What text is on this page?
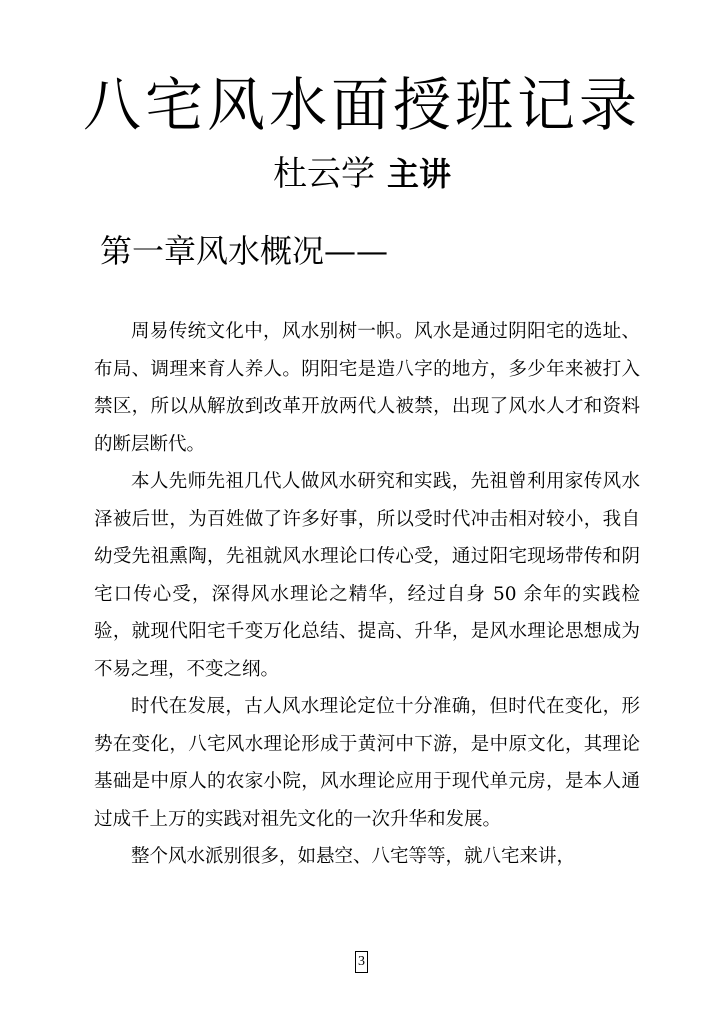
八宅风水面授班记录
杜云学 主讲
第一章风水概况——

周易传统文化中，风水别树一帜。风水是通过阴阳宅的选址、布局、调理来育人养人。阴阳宅是造八字的地方，多少年来被打入禁区，所以从解放到改革开放两代人被禁，出现了风水人才和资料的断层断代。

本人先师先祖几代人做风水研究和实践，先祖曾利用家传风水泽被后世，为百姓做了许多好事，所以受时代冲击相对较小，我自幼受先祖熏陶，先祖就风水理论口传心受，通过阳宅现场带传和阴宅口传心受，深得风水理论之精华，经过自身 50 余年的实践检验，就现代阳宅千变万化总结、提高、升华，是风水理论思想成为不易之理，不变之纲。

时代在发展，古人风水理论定位十分准确，但时代在变化，形势在变化，八宅风水理论形成于黄河中下游，是中原文化，其理论基础是中原人的农家小院，风水理论应用于现代单元房，是本人通过成千上万的实践对祖先文化的一次升华和发展。

整个风水派别很多，如悬空、八宅等等，就八宅来讲，

3
